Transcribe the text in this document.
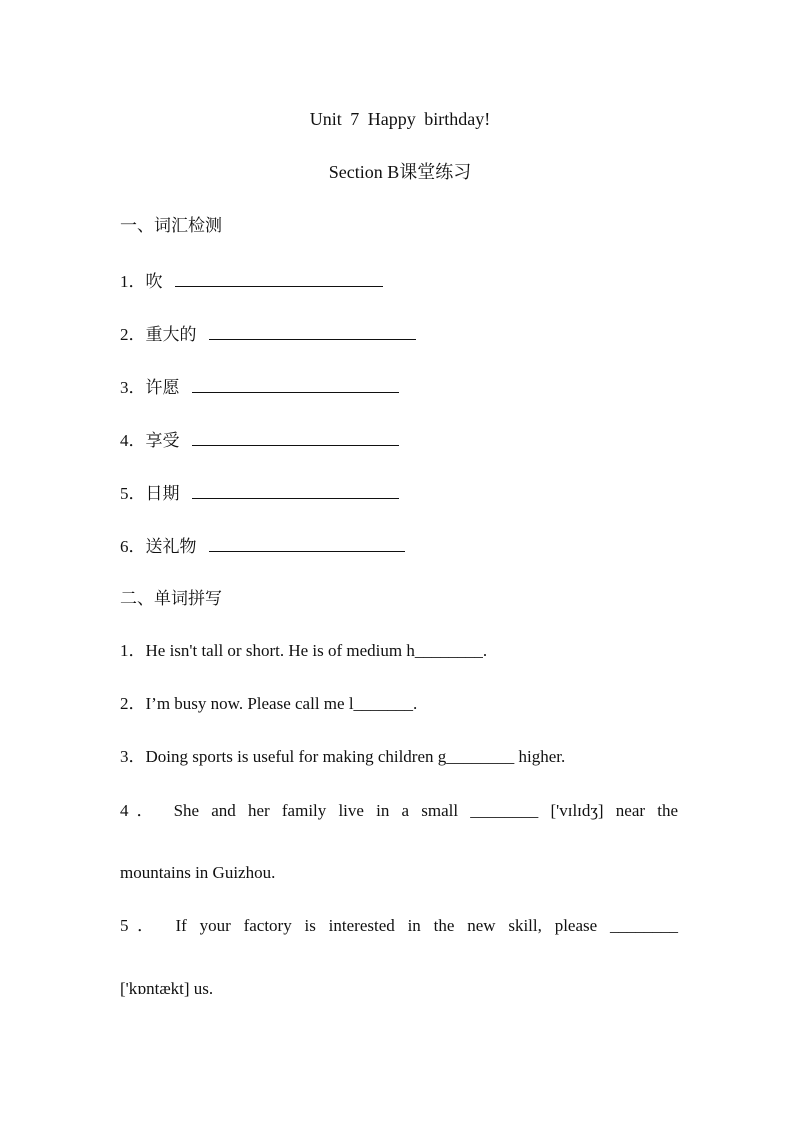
Unit 7 Happy birthday!
Section B课堂练习
一、词汇检测
1．吹
2．重大的
3．许愿
4．享受
5．日期
6．送礼物
二、单词拼写
1．He isn't tall or short. He is of medium h________.
2．I’m busy now. Please call me l_______.
3．Doing sports is useful for making children g________ higher.
4． She and her family live in a small ________ ['vɪlɪdʒ] near the
mountains in Guizhou.
5． If your factory is interested in the new skill, please ________
['kɒntækt] us.
